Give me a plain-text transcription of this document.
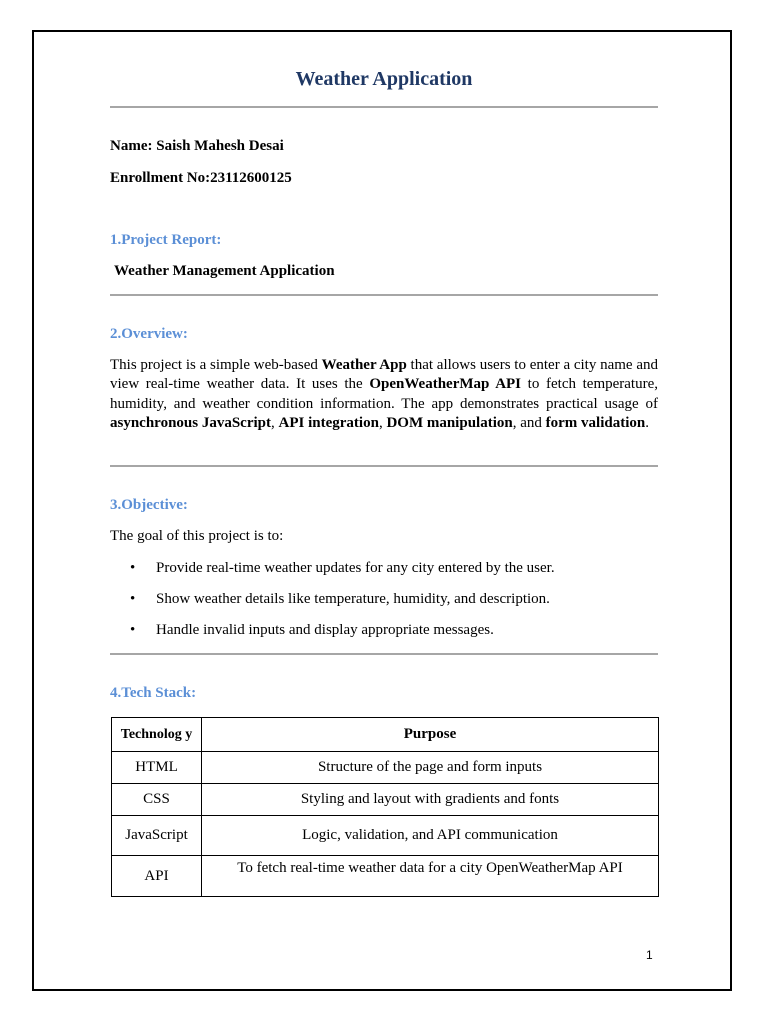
Weather Application
Name: Saish Mahesh Desai
Enrollment No:23112600125
1.Project Report:
Weather Management Application
2.Overview:
This project is a simple web-based Weather App that allows users to enter a city name and view real-time weather data. It uses the OpenWeatherMap API to fetch temperature, humidity, and weather condition information. The app demonstrates practical usage of asynchronous JavaScript, API integration, DOM manipulation, and form validation.
3.Objective:
The goal of this project is to:
• Provide real-time weather updates for any city entered by the user.
• Show weather details like temperature, humidity, and description.
• Handle invalid inputs and display appropriate messages.
4.Tech Stack:
Technolog y	Purpose
HTML	Structure of the page and form inputs
CSS	Styling and layout with gradients and fonts
JavaScript	Logic, validation, and API communication
API	To fetch real-time weather data for a city OpenWeatherMap API
1
